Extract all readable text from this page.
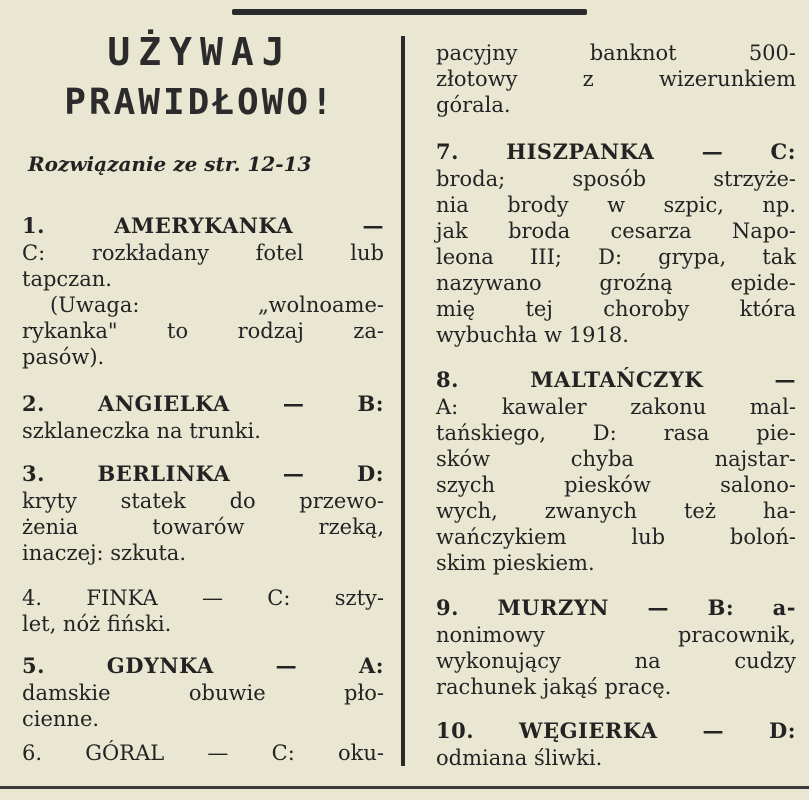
UŻYWAJ
PRAWIDŁOWO!

Rozwiązanie ze str. 12-13

1. AMERYKANKA —

C: rozkładany fotel lub

tapczan.

(Uwaga: „wolnoame-

rykanka" to rodzaj za-

pasów).

2. ANGIELKA — B:

szklaneczka na trunki.

3. BERLINKA — D:

kryty statek do przewo-

żenia towarów rzeką,

inaczej: szkuta.

4. FINKA — C: szty-

let, nóż fiński.

5. GDYNKA — A:

damskie obuwie pło-

cienne.

6. GÓRAL — C: oku-

pacyjny banknot 500-

złotowy z wizerunkiem

górala.

7. HISZPANKA — C:

broda; sposób strzyże-

nia brody w szpic, np.

jak broda cesarza Napo-

leona III; D: grypa, tak

nazywano groźną epide-

mię tej choroby która

wybuchła w 1918.

8. MALTAŃCZYK —

A: kawaler zakonu mal-

tańskiego, D: rasa pie-

sków chyba najstar-

szych piesków salono-

wych, zwanych też ha-

wańczykiem lub boloń-

skim pieskiem.

9. MURZYN — B: a-

nonimowy pracownik,

wykonujący na cudzy

rachunek jakąś pracę.

10. WĘGIERKA — D:

odmiana śliwki.
